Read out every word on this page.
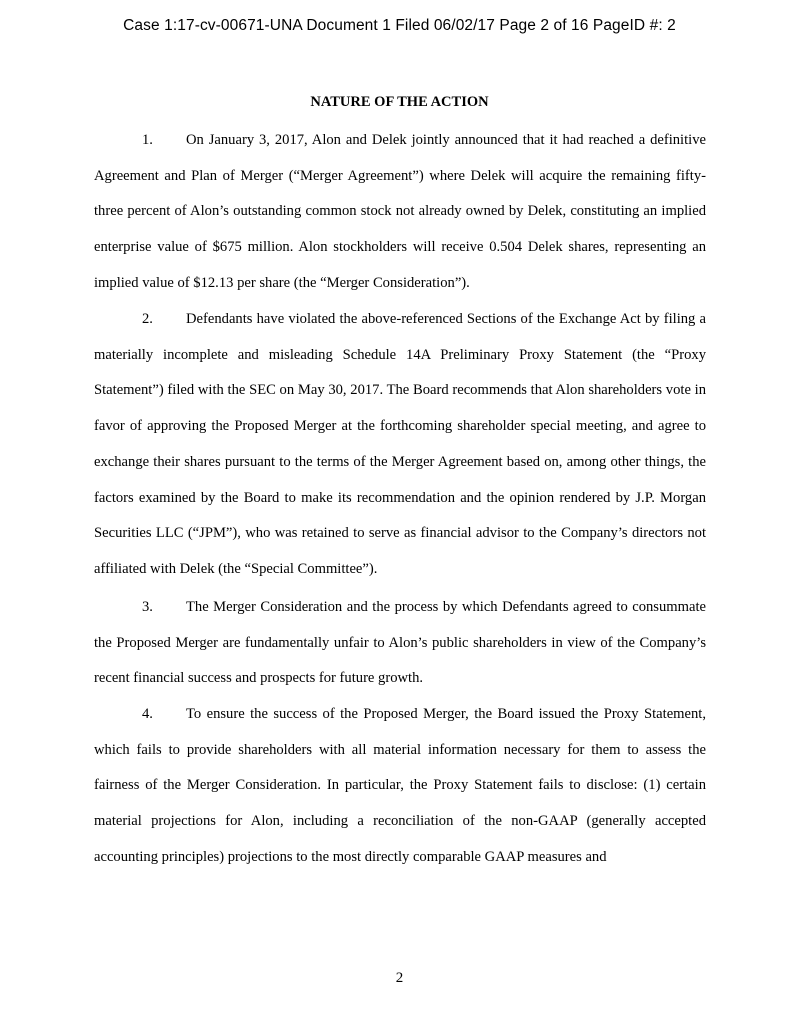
Case 1:17-cv-00671-UNA Document 1 Filed 06/02/17 Page 2 of 16 PageID #: 2
NATURE OF THE ACTION

1. On January 3, 2017, Alon and Delek jointly announced that it had reached a definitive Agreement and Plan of Merger (“Merger Agreement”) where Delek will acquire the remaining fifty-three percent of Alon’s outstanding common stock not already owned by Delek, constituting an implied enterprise value of $675 million. Alon stockholders will receive 0.504 Delek shares, representing an implied value of $12.13 per share (the “Merger Consideration”).

2. Defendants have violated the above-referenced Sections of the Exchange Act by filing a materially incomplete and misleading Schedule 14A Preliminary Proxy Statement (the “Proxy Statement”) filed with the SEC on May 30, 2017. The Board recommends that Alon shareholders vote in favor of approving the Proposed Merger at the forthcoming shareholder special meeting, and agree to exchange their shares pursuant to the terms of the Merger Agreement based on, among other things, the factors examined by the Board to make its recommendation and the opinion rendered by J.P. Morgan Securities LLC (“JPM”), who was retained to serve as financial advisor to the Company’s directors not affiliated with Delek (the “Special Committee”).

3. The Merger Consideration and the process by which Defendants agreed to consummate the Proposed Merger are fundamentally unfair to Alon’s public shareholders in view of the Company’s recent financial success and prospects for future growth.

4. To ensure the success of the Proposed Merger, the Board issued the Proxy Statement, which fails to provide shareholders with all material information necessary for them to assess the fairness of the Merger Consideration. In particular, the Proxy Statement fails to disclose: (1) certain material projections for Alon, including a reconciliation of the non-GAAP (generally accepted accounting principles) projections to the most directly comparable GAAP measures and

2
